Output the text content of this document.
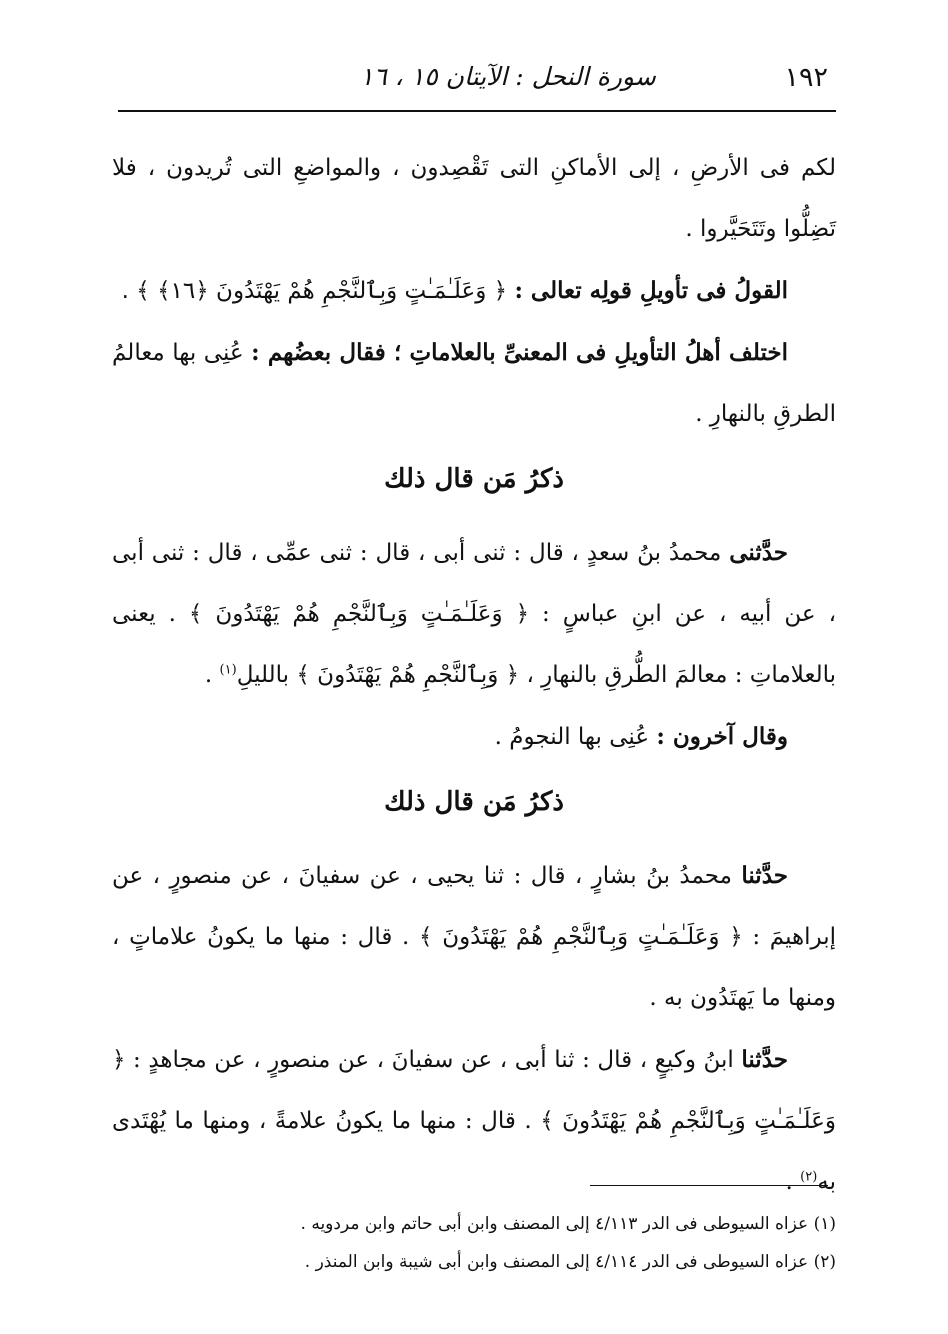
١٩٢
سورة النحل : الآيتان ١٥ ، ١٦

لكم فى الأرضِ ، إلى الأماكنِ التى تَقْصِدون ، والمواضعِ التى تُريدون ، فلا تَضِلُّوا وتَتَحَيَّروا .

القولُ فى تأويلِ قولِه تعالى : ﴿ وَعَلَـٰمَـٰتٍ وَبِٱلنَّجْمِ هُمْ يَهْتَدُونَ ﴿١٦﴾ ﴾ .

اختلف أهلُ التأويلِ فى المعنىِّ بالعلاماتِ ؛ فقال بعضُهم : عُنِى بها معالمُ الطرقِ بالنهارِ .

ذكرُ مَن قال ذلك

حدَّثنى محمدُ بنُ سعدٍ ، قال : ثنى أبى ، قال : ثنى عمِّى ، قال : ثنى أبى ، عن أبيه ، عن ابنِ عباسٍ : ﴿ وَعَلَـٰمَـٰتٍ وَبِٱلنَّجْمِ هُمْ يَهْتَدُونَ ﴾ . يعنى بالعلاماتِ : معالمَ الطُّرقِ بالنهارِ ، ﴿ وَبِٱلنَّجْمِ هُمْ يَهْتَدُونَ ﴾ بالليلِ$^{(١)}$ .

وقال آخرون : عُنِى بها النجومُ .

ذكرُ مَن قال ذلك

حدَّثنا محمدُ بنُ بشارٍ ، قال : ثنا يحيى ، عن سفيانَ ، عن منصورٍ ، عن إبراهيمَ : ﴿ وَعَلَـٰمَـٰتٍ وَبِٱلنَّجْمِ هُمْ يَهْتَدُونَ ﴾ . قال : منها ما يكونُ علاماتٍ ، ومنها ما يَهتَدُون به .

حدَّثنا ابنُ وكيعٍ ، قال : ثنا أبى ، عن سفيانَ ، عن منصورٍ ، عن مجاهدٍ : ﴿ وَعَلَـٰمَـٰتٍ وَبِٱلنَّجْمِ هُمْ يَهْتَدُونَ ﴾ . قال : منها ما يكونُ علامةً ، ومنها ما يُهْتَدى به$^{(٢)}$ .

(١) عزاه السيوطى فى الدر ٤/١١٣ إلى المصنف وابن أبى حاتم وابن مردويه .

(٢) عزاه السيوطى فى الدر ٤/١١٤ إلى المصنف وابن أبى شيبة وابن المنذر .
